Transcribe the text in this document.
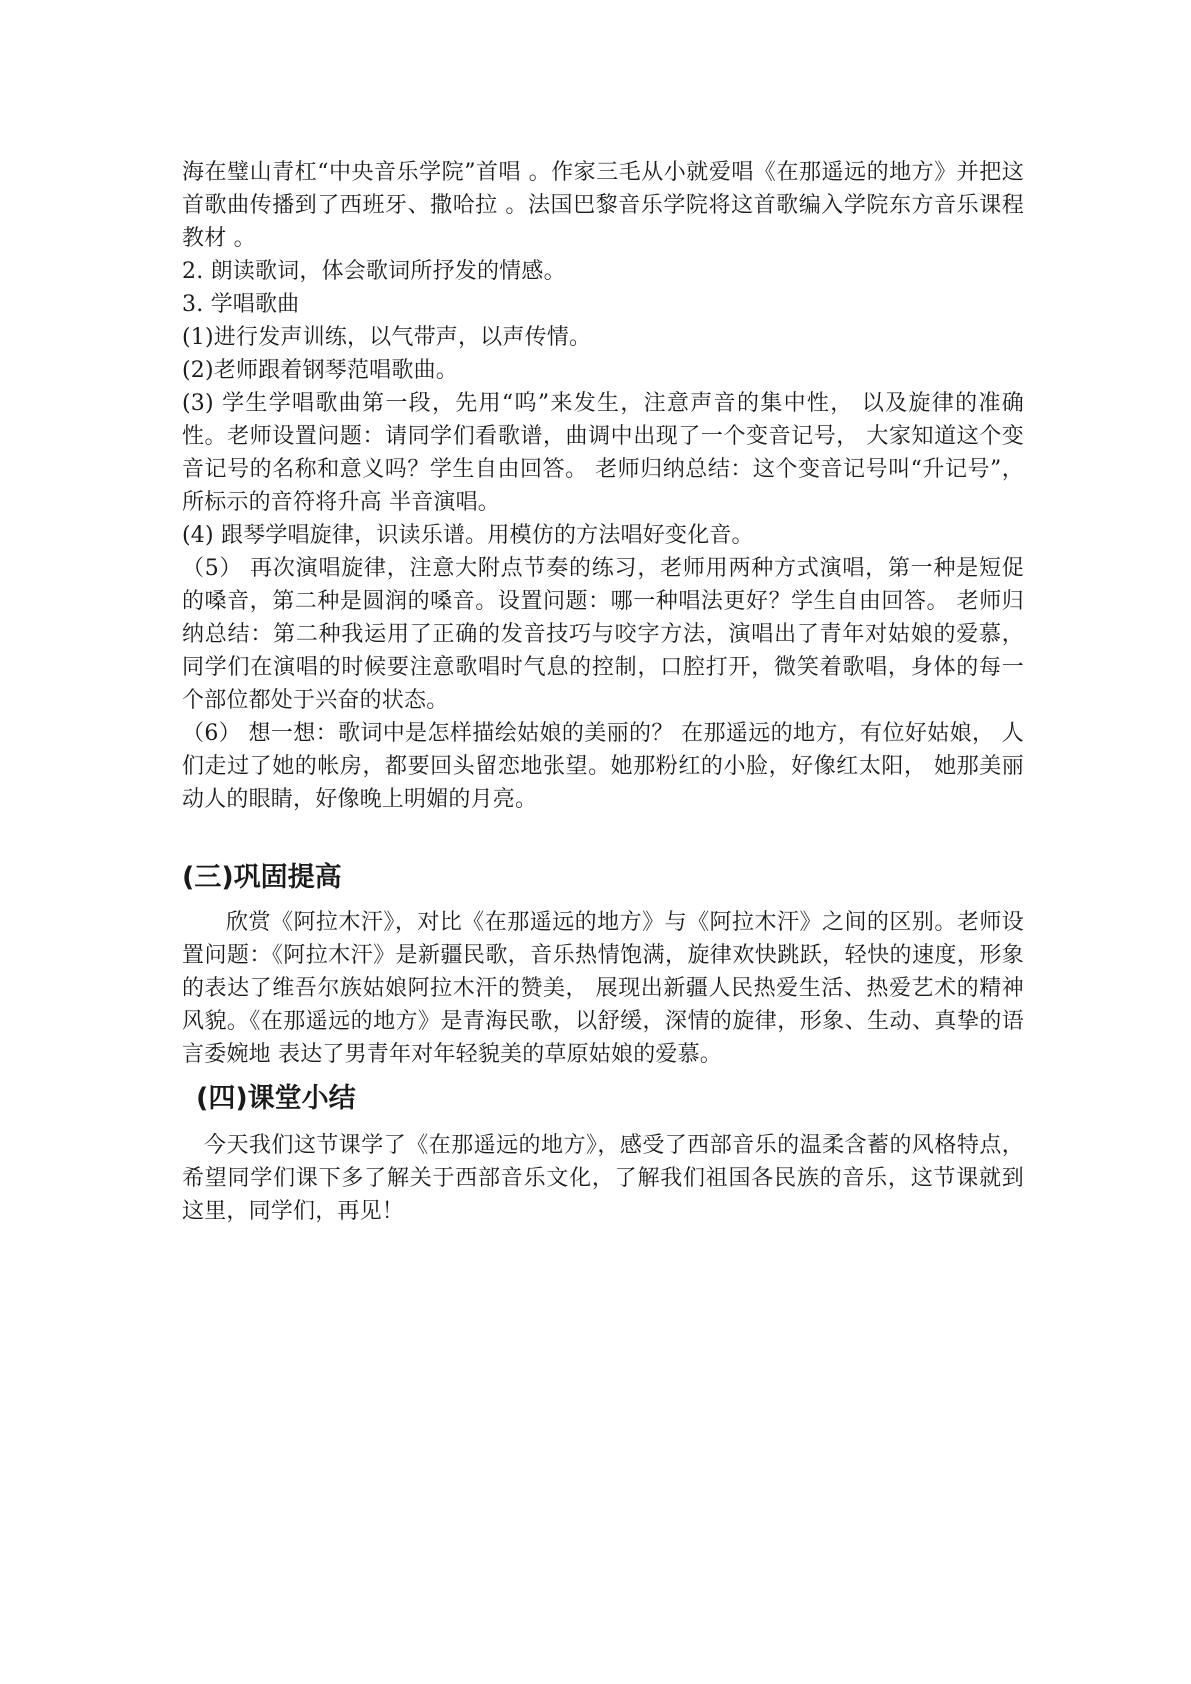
海在璧山青杠“中央音乐学院”首唱 。作家三毛从小就爱唱《在那遥远的地方》并把这首歌曲传播到了西班牙、撒哈拉 。法国巴黎音乐学院将这首歌编入学院东方音乐课程教材 。

2. 朗读歌词，体会歌词所抒发的情感。

3. 学唱歌曲

(1)进行发声训练，以气带声，以声传情。

(2)老师跟着钢琴范唱歌曲。

(3) 学生学唱歌曲第一段，先用“呜”来发生，注意声音的集中性， 以及旋律的准确性。老师设置问题：请同学们看歌谱，曲调中出现了一个变音记号， 大家知道这个变音记号的名称和意义吗？学生自由回答。 老师归纳总结：这个变音记号叫“升记号”，所标示的音符将升高 半音演唱。

(4) 跟琴学唱旋律，识读乐谱。用模仿的方法唱好变化音。

（5） 再次演唱旋律，注意大附点节奏的练习，老师用两种方式演唱，第一种是短促的嗓音，第二种是圆润的嗓音。设置问题：哪一种唱法更好？学生自由回答。 老师归纳总结：第二种我运用了正确的发音技巧与咬字方法，演唱出了青年对姑娘的爱慕，同学们在演唱的时候要注意歌唱时气息的控制，口腔打开，微笑着歌唱，身体的每一个部位都处于兴奋的状态。

（6） 想一想：歌词中是怎样描绘姑娘的美丽的？ 在那遥远的地方，有位好姑娘， 人们走过了她的帐房，都要回头留恋地张望。她那粉红的小脸，好像红太阳， 她那美丽动人的眼睛，好像晚上明媚的月亮。

(三)巩固提高

欣赏《阿拉木汗》，对比《在那遥远的地方》与《阿拉木汗》之间的区别。老师设置问题：《阿拉木汗》是新疆民歌，音乐热情饱满，旋律欢快跳跃，轻快的速度，形象的表达了维吾尔族姑娘阿拉木汗的赞美， 展现出新疆人民热爱生活、热爱艺术的精神风貌。《在那遥远的地方》是青海民歌，以舒缓，深情的旋律，形象、生动、真挚的语言委婉地 表达了男青年对年轻貌美的草原姑娘的爱慕。

(四)课堂小结

今天我们这节课学了《在那遥远的地方》，感受了西部音乐的温柔含蓄的风格特点，希望同学们课下多了解关于西部音乐文化，了解我们祖国各民族的音乐，这节课就到这里，同学们，再见！
